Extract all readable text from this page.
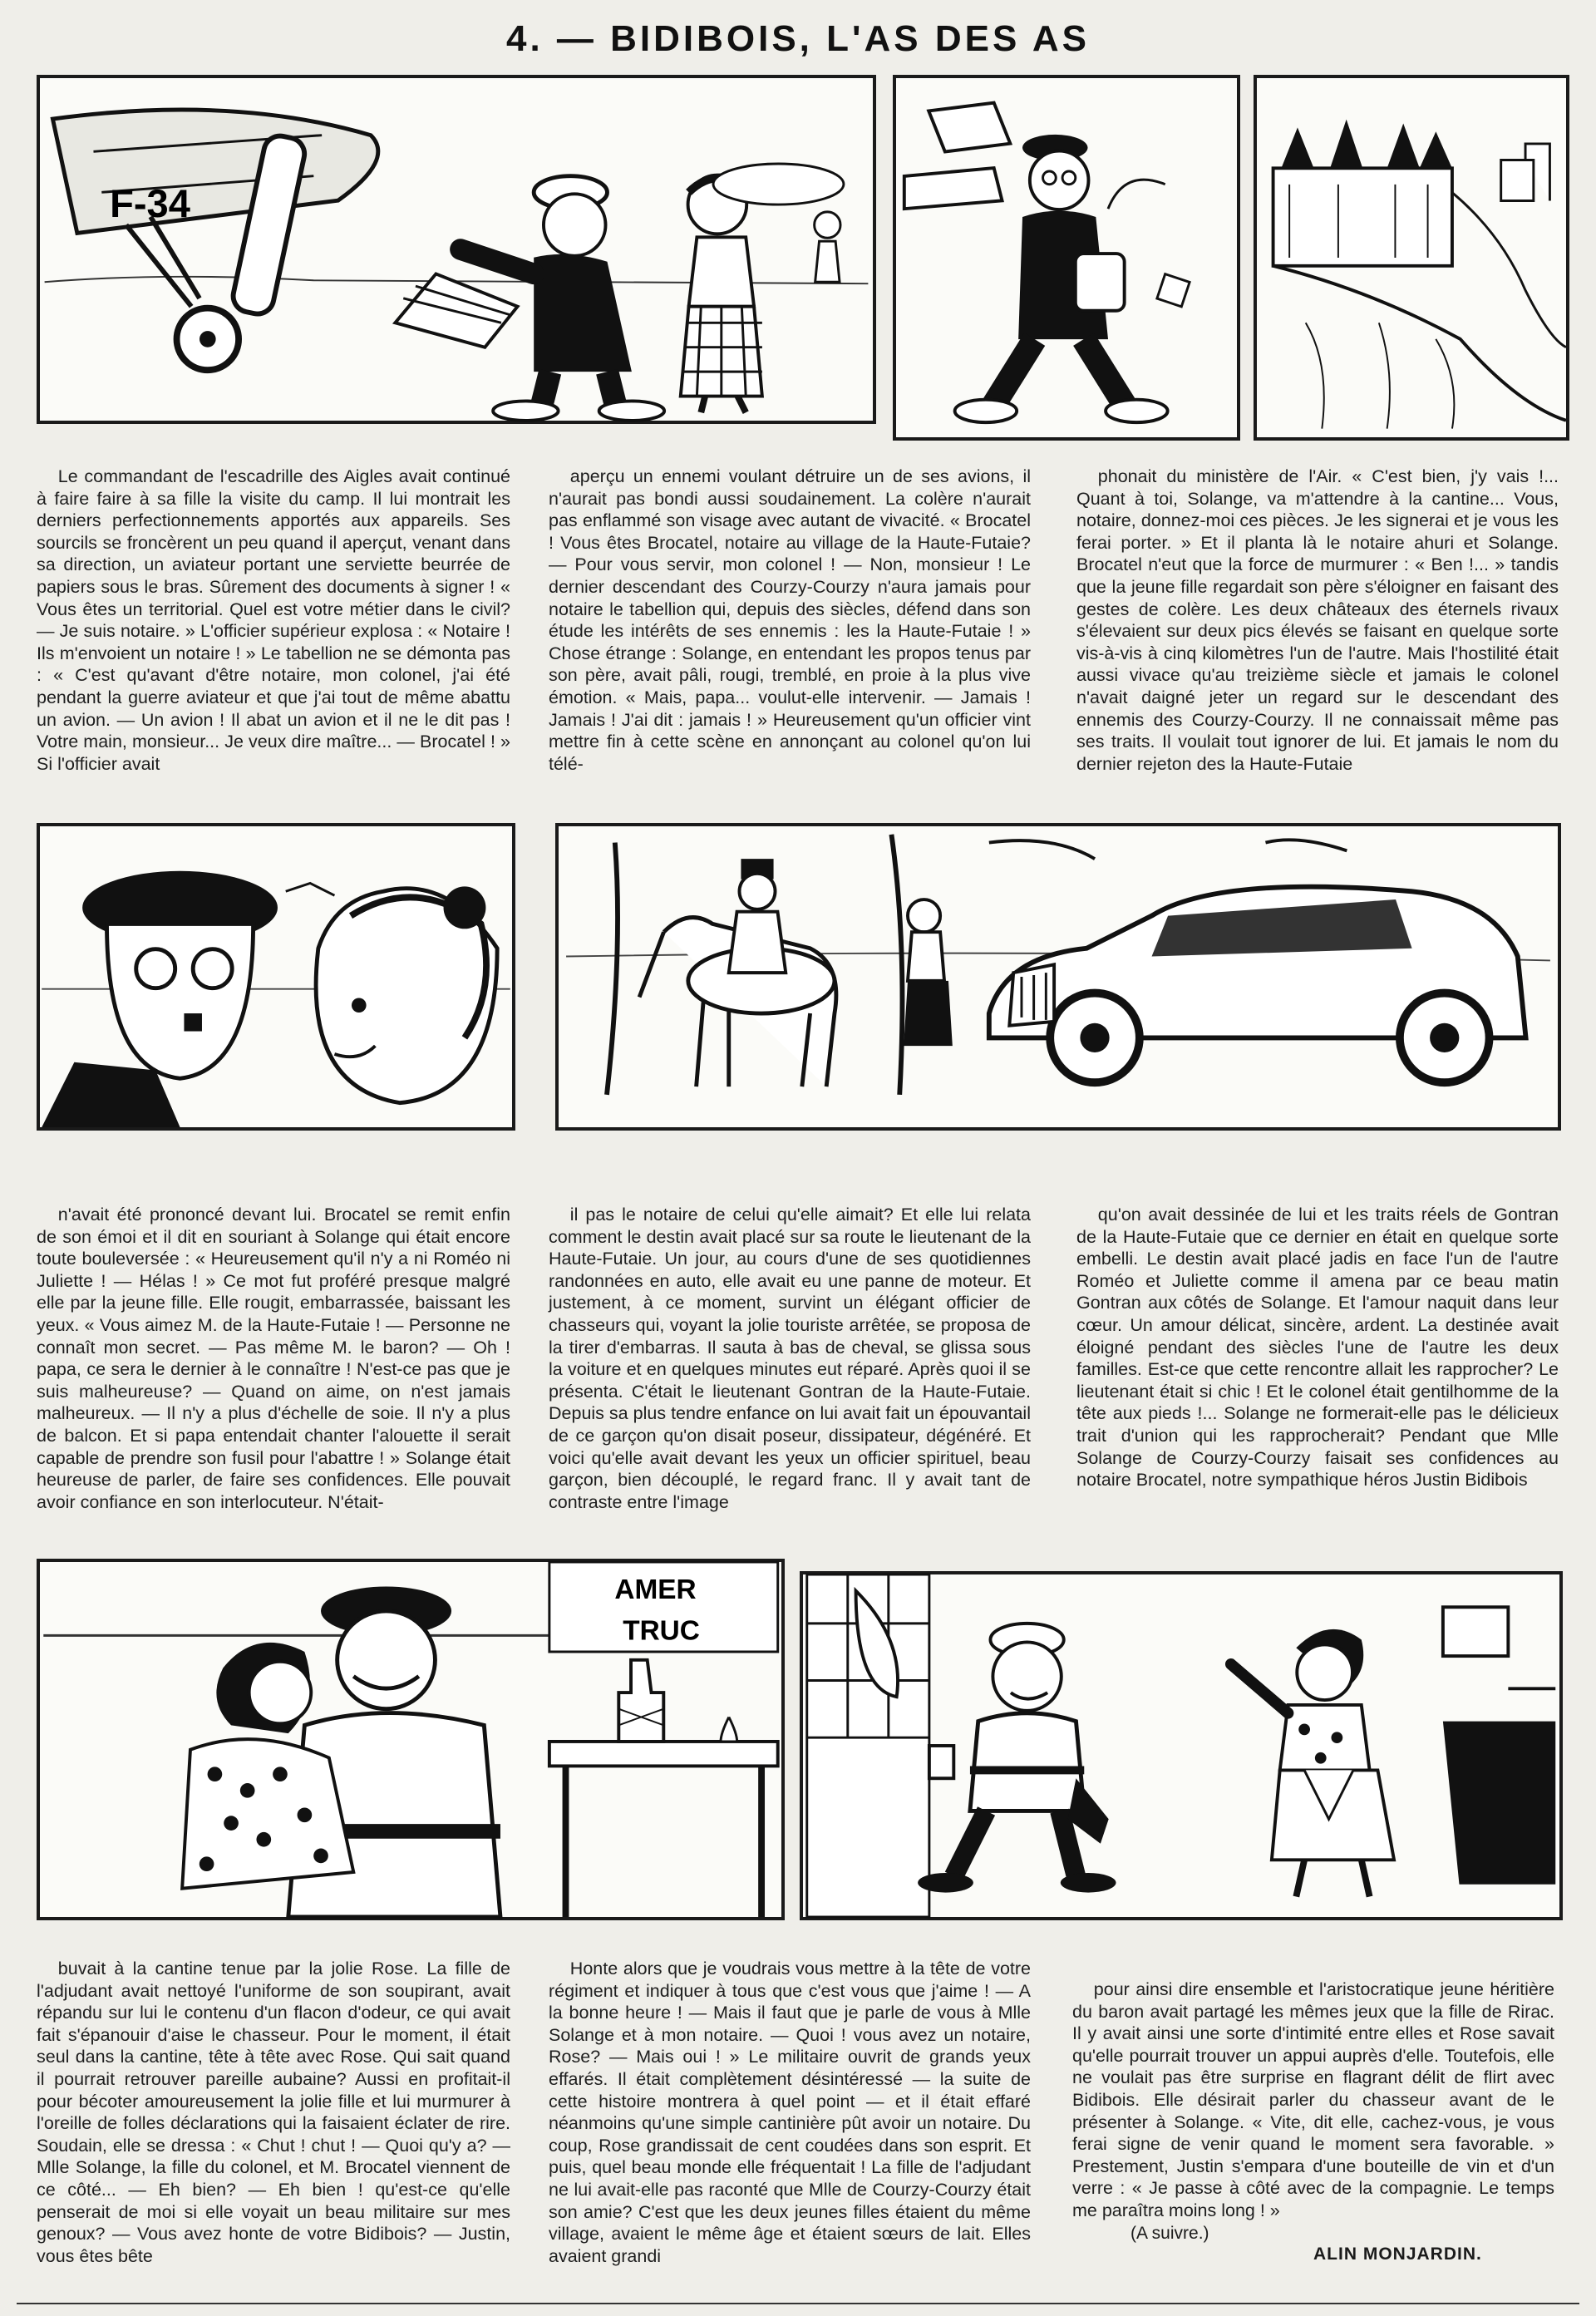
4. — BIDIBOIS, L'AS DES AS
F-34

Le commandant de l'escadrille des Aigles avait continué à faire faire à sa fille la visite du camp. Il lui montrait les derniers perfectionnements apportés aux appareils. Ses sourcils se froncèrent un peu quand il aperçut, venant dans sa direction, un aviateur portant une serviette beurrée de papiers sous le bras. Sûrement des documents à signer ! « Vous êtes un territorial. Quel est votre métier dans le civil? — Je suis notaire. » L'officier supérieur explosa : « Notaire ! Ils m'envoient un notaire ! » Le tabellion ne se démonta pas : « C'est qu'avant d'être notaire, mon colonel, j'ai été pendant la guerre aviateur et que j'ai tout de même abattu un avion. — Un avion ! Il abat un avion et il ne le dit pas ! Votre main, monsieur... Je veux dire maître... — Brocatel ! » Si l'officier avait

aperçu un ennemi voulant détruire un de ses avions, il n'aurait pas bondi aussi soudainement. La colère n'aurait pas enflammé son visage avec autant de vivacité. « Brocatel ! Vous êtes Brocatel, notaire au village de la Haute-Futaie? — Pour vous servir, mon colonel ! — Non, monsieur ! Le dernier descendant des Courzy-Courzy n'aura jamais pour notaire le tabellion qui, depuis des siècles, défend dans son étude les intérêts de ses ennemis : les la Haute-Futaie ! » Chose étrange : Solange, en entendant les propos tenus par son père, avait pâli, rougi, tremblé, en proie à la plus vive émotion. « Mais, papa... voulut-elle intervenir. — Jamais ! Jamais ! J'ai dit : jamais ! » Heureusement qu'un officier vint mettre fin à cette scène en annonçant au colonel qu'on lui télé-

phonait du ministère de l'Air. « C'est bien, j'y vais !... Quant à toi, Solange, va m'attendre à la cantine... Vous, notaire, donnez-moi ces pièces. Je les signerai et je vous les ferai porter. » Et il planta là le notaire ahuri et Solange. Brocatel n'eut que la force de murmurer : « Ben !... » tandis que la jeune fille regardait son père s'éloigner en faisant des gestes de colère. Les deux châteaux des éternels rivaux s'élevaient sur deux pics élevés se faisant en quelque sorte vis-à-vis à cinq kilomètres l'un de l'autre. Mais l'hostilité était aussi vivace qu'au treizième siècle et jamais le colonel n'avait daigné jeter un regard sur le descendant des ennemis des Courzy-Courzy. Il ne connaissait même pas ses traits. Il voulait tout ignorer de lui. Et jamais le nom du dernier rejeton des la Haute-Futaie

n'avait été prononcé devant lui. Brocatel se remit enfin de son émoi et il dit en souriant à Solange qui était encore toute bouleversée : « Heureusement qu'il n'y a ni Roméo ni Juliette ! — Hélas ! » Ce mot fut proféré presque malgré elle par la jeune fille. Elle rougit, embarrassée, baissant les yeux. « Vous aimez M. de la Haute-Futaie ! — Personne ne connaît mon secret. — Pas même M. le baron? — Oh ! papa, ce sera le dernier à le connaître ! N'est-ce pas que je suis malheureuse? — Quand on aime, on n'est jamais malheureux. — Il n'y a plus d'échelle de soie. Il n'y a plus de balcon. Et si papa entendait chanter l'alouette il serait capable de prendre son fusil pour l'abattre ! » Solange était heureuse de parler, de faire ses confidences. Elle pouvait avoir confiance en son interlocuteur. N'était-

il pas le notaire de celui qu'elle aimait? Et elle lui relata comment le destin avait placé sur sa route le lieutenant de la Haute-Futaie. Un jour, au cours d'une de ses quotidiennes randonnées en auto, elle avait eu une panne de moteur. Et justement, à ce moment, survint un élégant officier de chasseurs qui, voyant la jolie touriste arrêtée, se proposa de la tirer d'embarras. Il sauta à bas de cheval, se glissa sous la voiture et en quelques minutes eut réparé. Après quoi il se présenta. C'était le lieutenant Gontran de la Haute-Futaie. Depuis sa plus tendre enfance on lui avait fait un épouvantail de ce garçon qu'on disait poseur, dissipateur, dégénéré. Et voici qu'elle avait devant les yeux un officier spirituel, beau garçon, bien découplé, le regard franc. Il y avait tant de contraste entre l'image

qu'on avait dessinée de lui et les traits réels de Gontran de la Haute-Futaie que ce dernier en était en quelque sorte embelli. Le destin avait placé jadis en face l'un de l'autre Roméo et Juliette comme il amena par ce beau matin Gontran aux côtés de Solange. Et l'amour naquit dans leur cœur. Un amour délicat, sincère, ardent. La destinée avait éloigné pendant des siècles l'une de l'autre les deux familles. Est-ce que cette rencontre allait les rapprocher? Le lieutenant était si chic ! Et le colonel était gentilhomme de la tête aux pieds !... Solange ne formerait-elle pas le délicieux trait d'union qui les rapprocherait? Pendant que Mlle Solange de Courzy-Courzy faisait ses confidences au notaire Brocatel, notre sympathique héros Justin Bidibois

AMER
TRUC

buvait à la cantine tenue par la jolie Rose. La fille de l'adjudant avait nettoyé l'uniforme de son soupirant, avait répandu sur lui le contenu d'un flacon d'odeur, ce qui avait fait s'épanouir d'aise le chasseur. Pour le moment, il était seul dans la cantine, tête à tête avec Rose. Qui sait quand il pourrait retrouver pareille aubaine? Aussi en profitait-il pour bécoter amoureusement la jolie fille et lui murmurer à l'oreille de folles déclarations qui la faisaient éclater de rire. Soudain, elle se dressa : « Chut ! chut ! — Quoi qu'y a? — Mlle Solange, la fille du colonel, et M. Brocatel viennent de ce côté... — Eh bien? — Eh bien ! qu'est-ce qu'elle penserait de moi si elle voyait un beau militaire sur mes genoux? — Vous avez honte de votre Bidibois? — Justin, vous êtes bête

Honte alors que je voudrais vous mettre à la tête de votre régiment et indiquer à tous que c'est vous que j'aime ! — A la bonne heure ! — Mais il faut que je parle de vous à Mlle Solange et à mon notaire. — Quoi ! vous avez un notaire, Rose? — Mais oui ! » Le militaire ouvrit de grands yeux effarés. Il était complètement désintéressé — la suite de cette histoire montrera à quel point — et il était effaré néanmoins qu'une simple cantinière pût avoir un notaire. Du coup, Rose grandissait de cent coudées dans son esprit. Et puis, quel beau monde elle fréquentait ! La fille de l'adjudant ne lui avait-elle pas raconté que Mlle de Courzy-Courzy était son amie? C'est que les deux jeunes filles étaient du même village, avaient le même âge et étaient sœurs de lait. Elles avaient grandi

pour ainsi dire ensemble et l'aristocratique jeune héritière du baron avait partagé les mêmes jeux que la fille de Rirac. Il y avait ainsi une sorte d'intimité entre elles et Rose savait qu'elle pourrait trouver un appui auprès d'elle. Toutefois, elle ne voulait pas être surprise en flagrant délit de flirt avec Bidibois. Elle désirait parler du chasseur avant de le présenter à Solange. « Vite, dit elle, cachez-vous, je vous ferai signe de venir quand le moment sera favorable. » Prestement, Justin s'empara d'une bouteille de vin et d'un verre : « Je passe à côté avec de la compagnie. Le temps me paraîtra moins long ! »

(A suivre.)
ALIN MONJARDIN.
